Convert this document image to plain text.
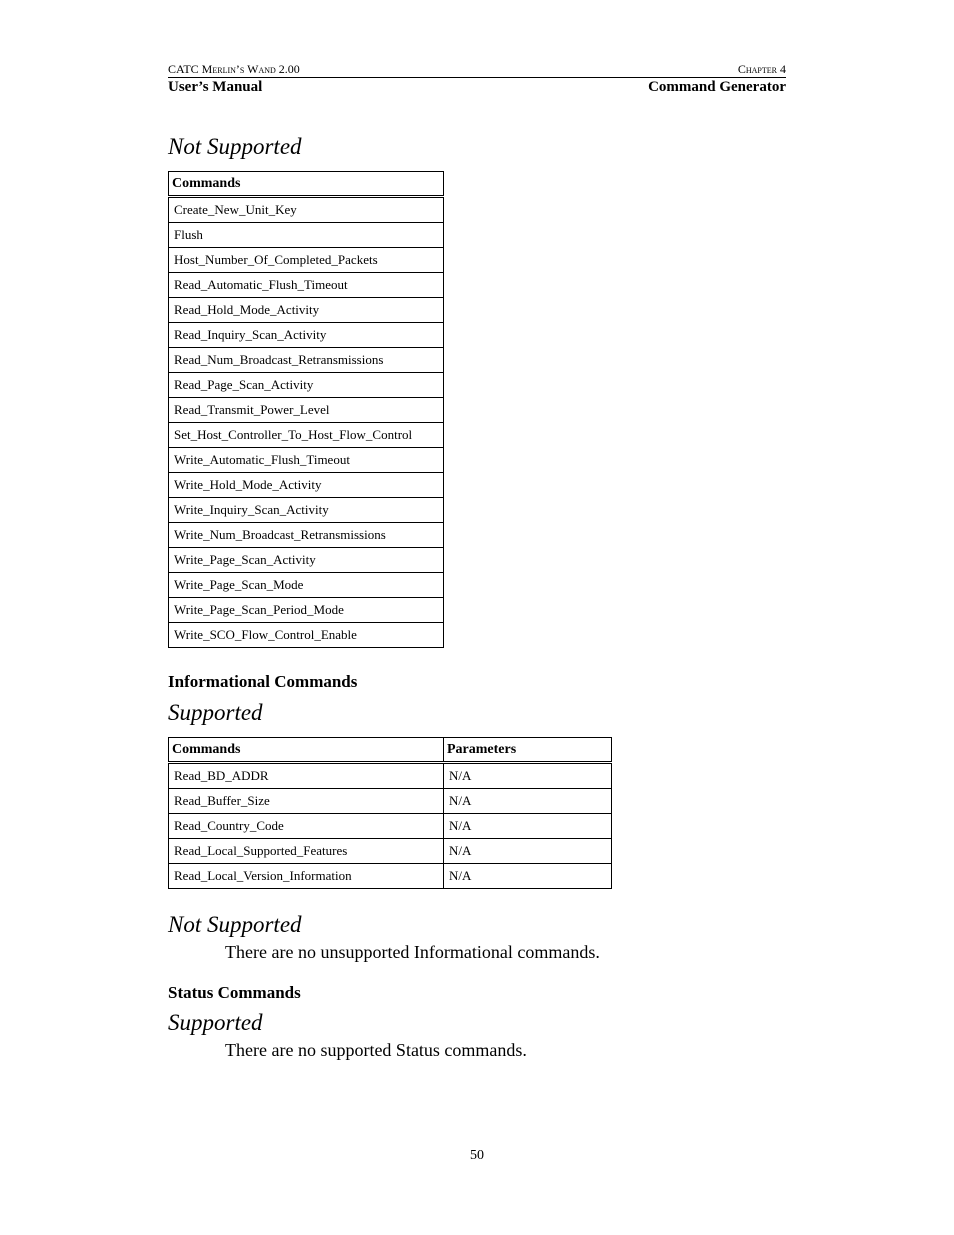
CATC Merlin’s Wand 2.00	Chapter 4
User’s Manual	Command Generator
Not Supported
Commands
Create_New_Unit_Key
Flush
Host_Number_Of_Completed_Packets
Read_Automatic_Flush_Timeout
Read_Hold_Mode_Activity
Read_Inquiry_Scan_Activity
Read_Num_Broadcast_Retransmissions
Read_Page_Scan_Activity
Read_Transmit_Power_Level
Set_Host_Controller_To_Host_Flow_Control
Write_Automatic_Flush_Timeout
Write_Hold_Mode_Activity
Write_Inquiry_Scan_Activity
Write_Num_Broadcast_Retransmissions
Write_Page_Scan_Activity
Write_Page_Scan_Mode
Write_Page_Scan_Period_Mode
Write_SCO_Flow_Control_Enable
Informational Commands
Supported
Commands	Parameters
Read_BD_ADDR	N/A
Read_Buffer_Size	N/A
Read_Country_Code	N/A
Read_Local_Supported_Features	N/A
Read_Local_Version_Information	N/A
Not Supported
There are no unsupported Informational commands.
Status Commands
Supported
There are no supported Status commands.
50
